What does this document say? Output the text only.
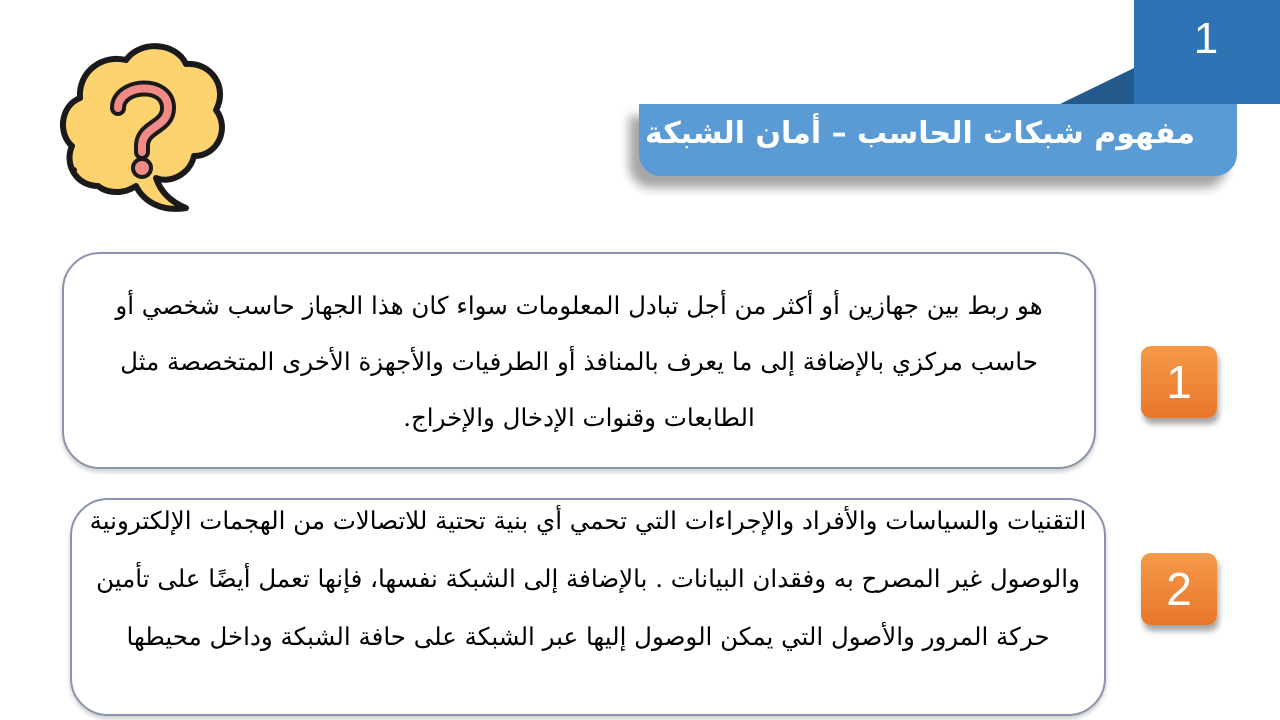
1
مفهوم شبكات الحاسب – أمان الشبكة
هو ربط بين جهازين أو أكثر من أجل تبادل المعلومات سواء كان هذا الجهاز حاسب شخصي أو حاسب مركزي بالإضافة إلى ما يعرف بالمنافذ أو الطرفيات والأجهزة الأخرى المتخصصة مثل الطابعات وقنوات الإدخال والإخراج.
1
التقنيات والسياسات والأفراد والإجراءات التي تحمي أي بنية تحتية للاتصالات من الهجمات الإلكترونية والوصول غير المصرح به وفقدان البيانات . بالإضافة إلى الشبكة نفسها، فإنها تعمل أيضًا على تأمين حركة المرور والأصول التي يمكن الوصول إليها عبر الشبكة على حافة الشبكة وداخل محيطها
2
